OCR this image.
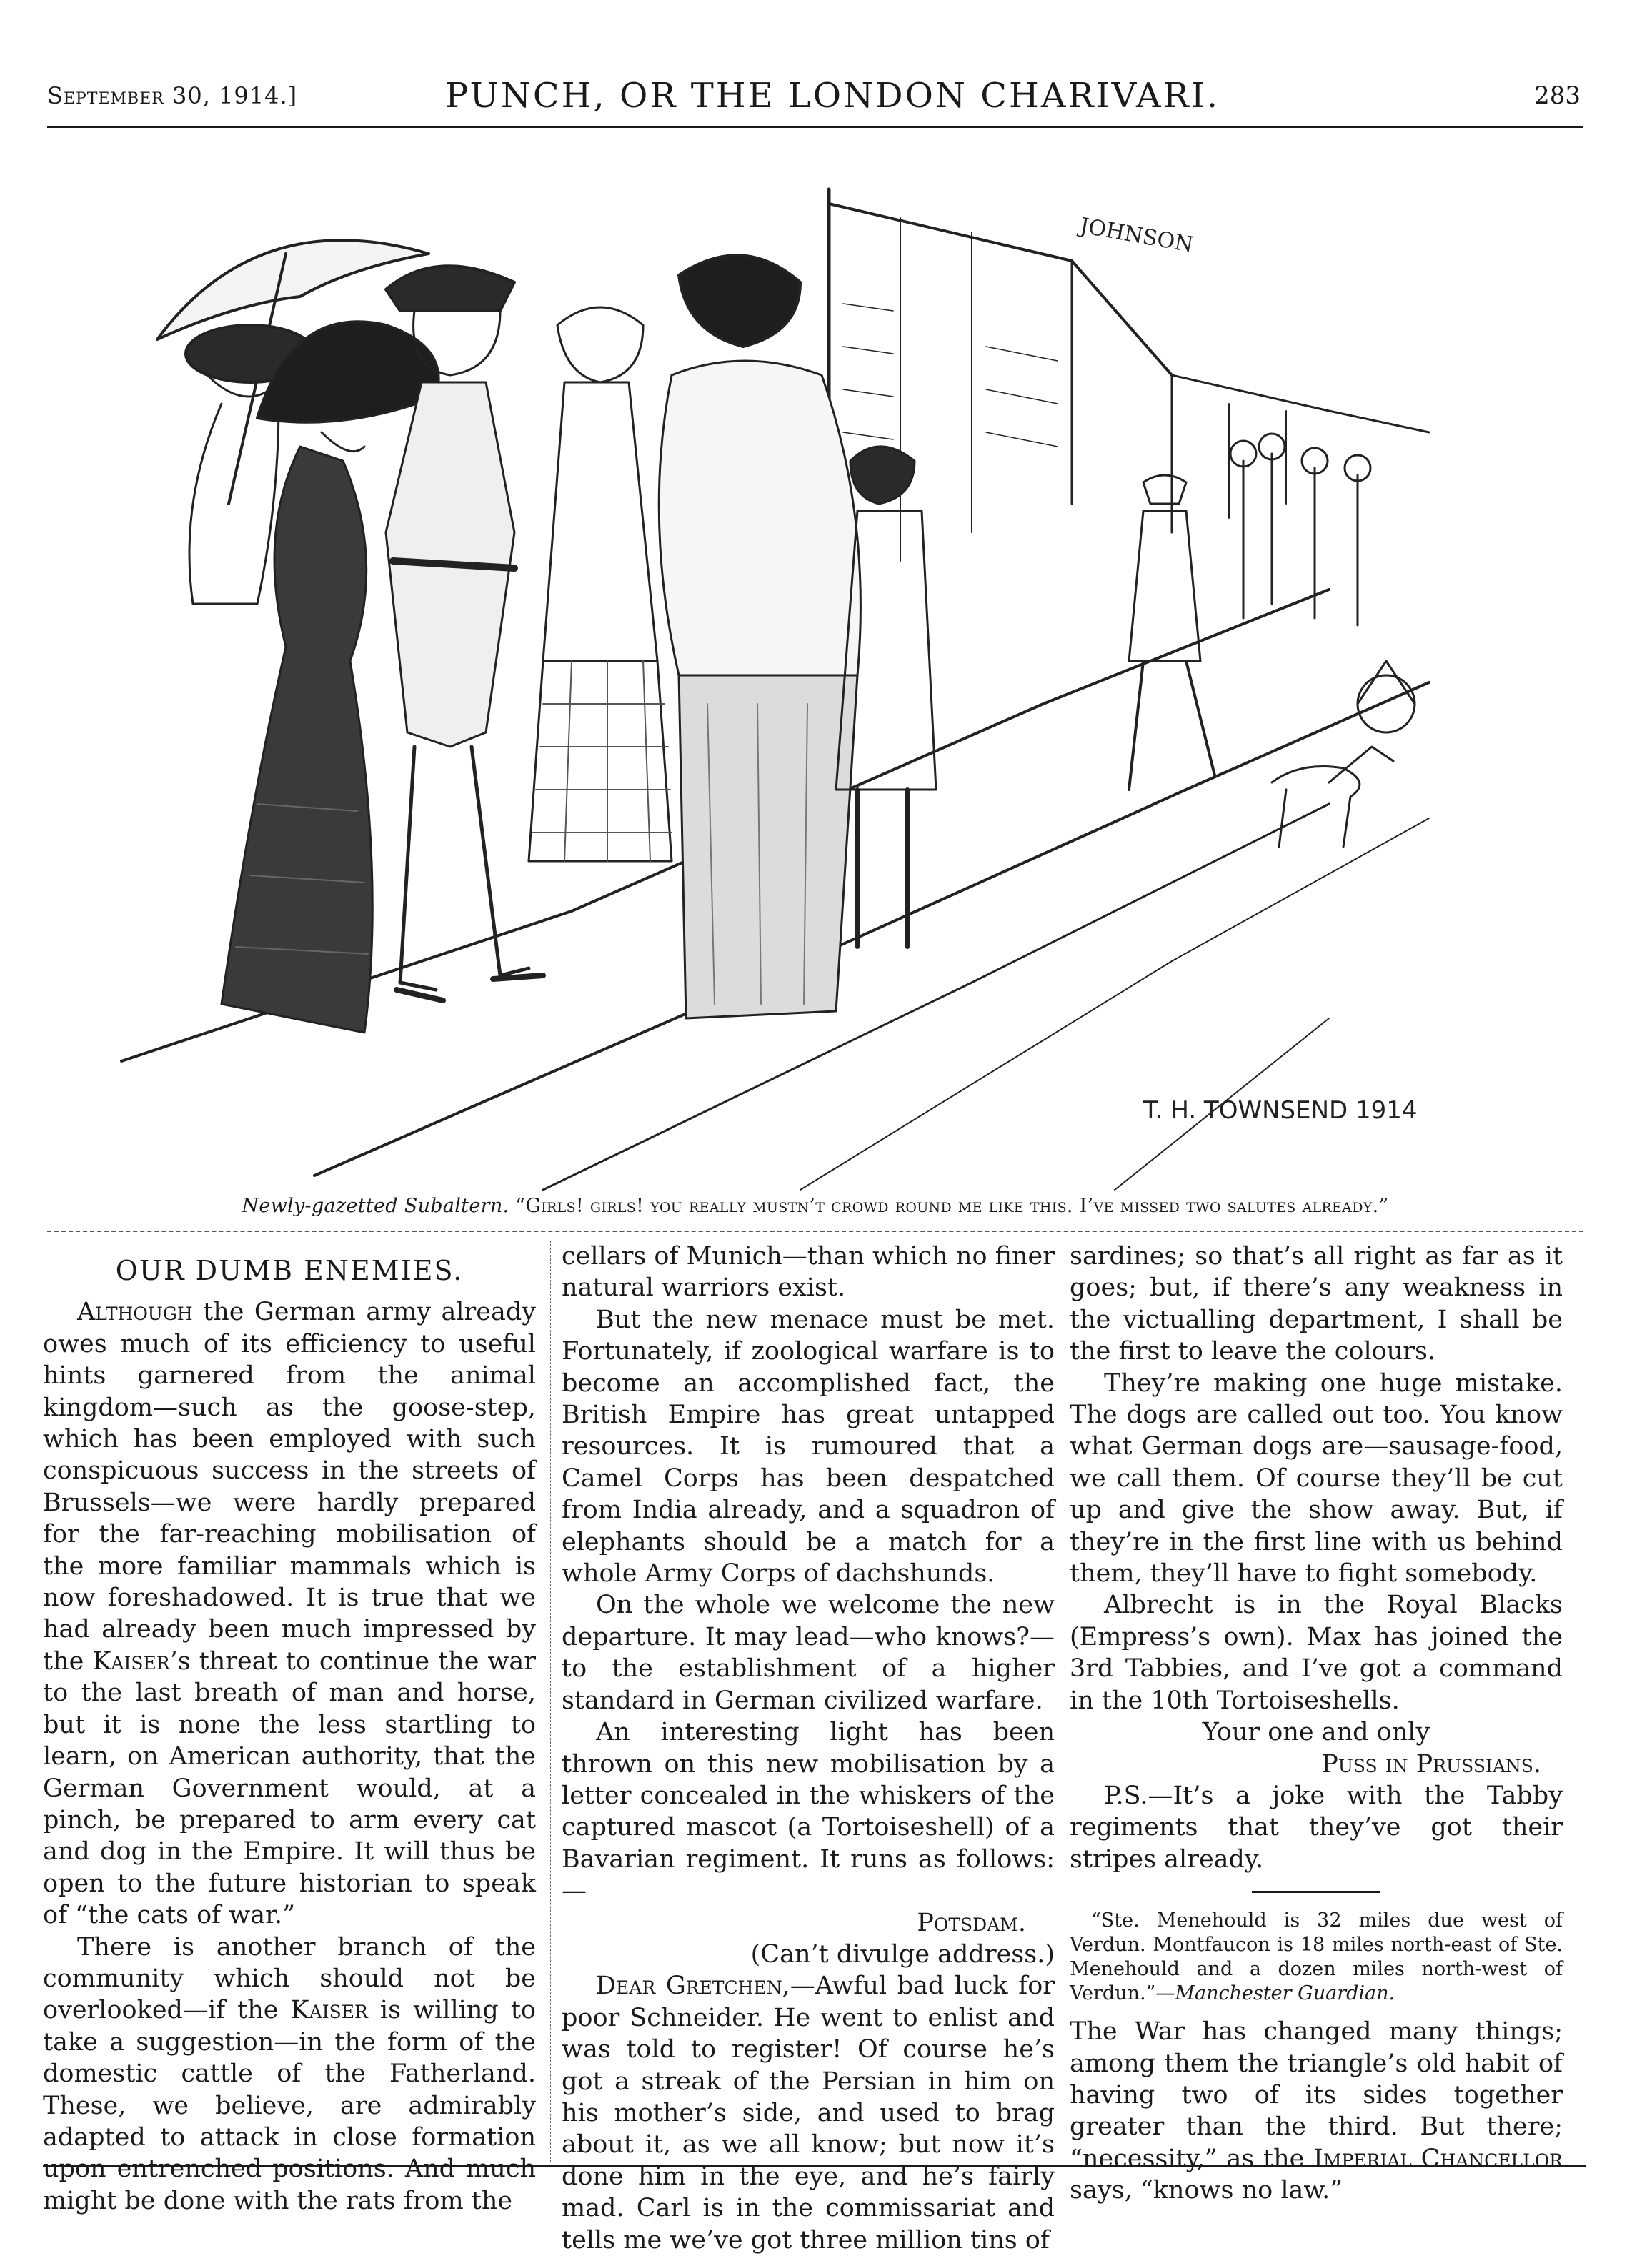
September 30, 1914.]	PUNCH, OR THE LONDON CHARIVARI.	283
JOHNSON
T. H. TOWNSEND 1914
Newly-gazetted Subaltern. “Girls! girls! you really mustn’t crowd round me like this. I’ve missed two salutes already.”

OUR DUMB ENEMIES.

Although the German army already owes much of its efficiency to useful hints garnered from the animal kingdom—such as the goose-step, which has been employed with such conspicuous success in the streets of Brussels—we were hardly prepared for the far-reaching mobilisation of the more familiar mammals which is now foreshadowed. It is true that we had already been much impressed by the Kaiser’s threat to continue the war to the last breath of man and horse, but it is none the less startling to learn, on American authority, that the German Government would, at a pinch, be prepared to arm every cat and dog in the Empire. It will thus be open to the future historian to speak of “the cats of war.”

There is another branch of the community which should not be overlooked—if the Kaiser is willing to take a suggestion—in the form of the domestic cattle of the Fatherland. These, we believe, are admirably adapted to attack in close formation upon entrenched positions. And much might be done with the rats from the

cellars of Munich—than which no finer natural warriors exist.

But the new menace must be met. Fortunately, if zoological warfare is to become an accomplished fact, the British Empire has great untapped resources. It is rumoured that a Camel Corps has been despatched from India already, and a squadron of elephants should be a match for a whole Army Corps of dachshunds.

On the whole we welcome the new departure. It may lead—who knows?—to the establishment of a higher standard in German civilized warfare.

An interesting light has been thrown on this new mobilisation by a letter concealed in the whiskers of the captured mascot (a Tortoiseshell) of a Bavarian regiment. It runs as follows:—

Potsdam.

(Can’t divulge address.)

Dear Gretchen,—Awful bad luck for poor Schneider. He went to enlist and was told to register! Of course he’s got a streak of the Persian in him on his mother’s side, and used to brag about it, as we all know; but now it’s done him in the eye, and he’s fairly mad. Carl is in the commissariat and tells me we’ve got three million tins of

sardines; so that’s all right as far as it goes; but, if there’s any weakness in the victualling department, I shall be the first to leave the colours.

They’re making one huge mistake. The dogs are called out too. You know what German dogs are—sausage-food, we call them. Of course they’ll be cut up and give the show away. But, if they’re in the first line with us behind them, they’ll have to fight somebody.

Albrecht is in the Royal Blacks (Empress’s own). Max has joined the 3rd Tabbies, and I’ve got a command in the 10th Tortoiseshells.

Your one and only

Puss in Prussians.

P.S.—It’s a joke with the Tabby regiments that they’ve got their stripes already.

“Ste. Menehould is 32 miles due west of Verdun. Montfaucon is 18 miles north-east of Ste. Menehould and a dozen miles north-west of Verdun.”—Manchester Guardian.

The War has changed many things; among them the triangle’s old habit of having two of its sides together greater than the third. But there; “necessity,” as the Imperial Chancellor says, “knows no law.”
